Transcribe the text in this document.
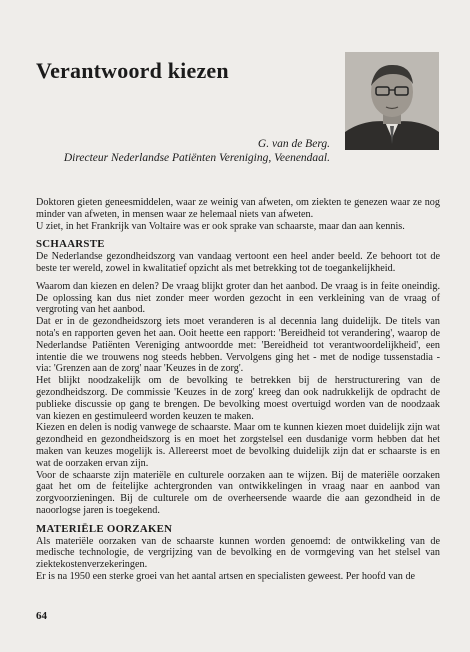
Verantwoord kiezen

G. van de Berg.
Directeur Nederlandse Patiënten Vereniging, Veenendaal.

Doktoren gieten geneesmiddelen, waar ze weinig van afweten, om ziekten te genezen waar ze nog minder van afweten, in mensen waar ze helemaal niets van afweten.

U ziet, in het Frankrijk van Voltaire was er ook sprake van schaarste, maar dan aan kennis.

SCHAARSTE

De Nederlandse gezondheidszorg van vandaag vertoont een heel ander beeld. Ze behoort tot de beste ter wereld, zowel in kwalitatief opzicht als met betrekking tot de toegankelijkheid.

Waarom dan kiezen en delen? De vraag blijkt groter dan het aanbod. De vraag is in feite oneindig. De oplossing kan dus niet zonder meer worden gezocht in een verkleining van de vraag of vergroting van het aanbod.

Dat er in de gezondheidszorg iets moet veranderen is al decennia lang duidelijk. De titels van nota's en rapporten geven het aan. Ooit heette een rapport: 'Bereidheid tot verandering', waarop de Nederlandse Patiënten Vereniging antwoordde met: 'Bereidheid tot verantwoordelijkheid', een intentie die we trouwens nog steeds hebben. Vervolgens ging het - met de nodige tussenstadia - via: 'Grenzen aan de zorg' naar 'Keuzes in de zorg'.

Het blijkt noodzakelijk om de bevolking te betrekken bij de herstructurering van de gezondheidszorg. De commissie 'Keuzes in de zorg' kreeg dan ook nadrukkelijk de opdracht de publieke discussie op gang te brengen. De bevolking moest overtuigd worden van de noodzaak van kiezen en gestimuleerd worden keuzen te maken.

Kiezen en delen is nodig vanwege de schaarste. Maar om te kunnen kiezen moet duidelijk zijn wat gezondheid en gezondheidszorg is en moet het zorgstelsel een dusdanige vorm hebben dat het maken van keuzes mogelijk is. Allereerst moet de bevolking duidelijk zijn dat er schaarste is en wat de oorzaken ervan zijn.

Voor de schaarste zijn materiële en culturele oorzaken aan te wijzen. Bij de materiële oorzaken gaat het om de feitelijke achtergronden van ontwikkelingen in vraag naar en aanbod van zorgvoorzieningen. Bij de culturele om de overheersende waarde die aan gezondheid in de naoorlogse jaren is toegekend.

MATERIËLE OORZAKEN

Als materiële oorzaken van de schaarste kunnen worden genoemd: de ontwikkeling van de medische technologie, de vergrijzing van de bevolking en de vormgeving van het stelsel van ziektekostenverzekeringen.

Er is na 1950 een sterke groei van het aantal artsen en specialisten geweest. Per hoofd van de

64
